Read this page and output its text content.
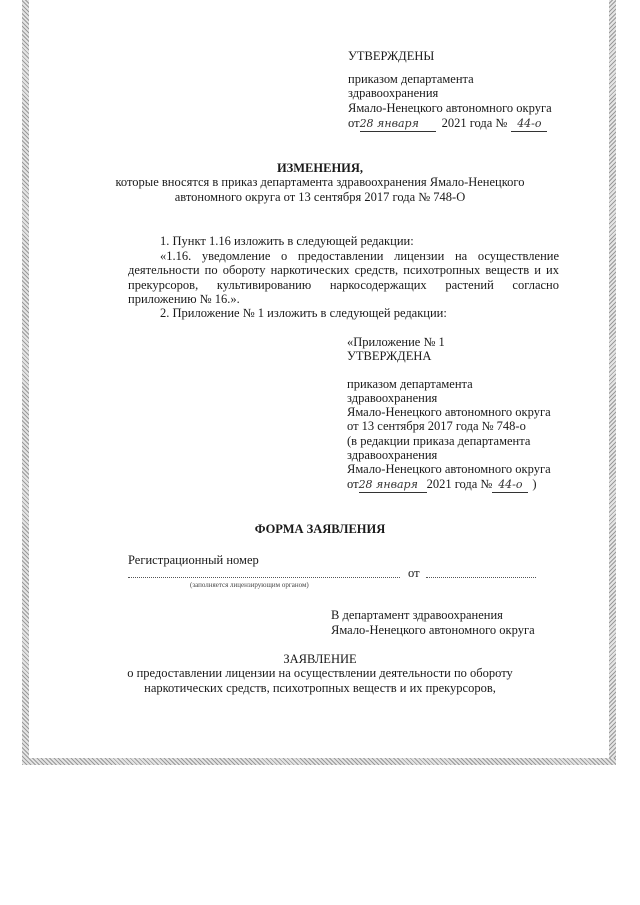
УТВЕРЖДЕНЫ
приказом департамента
здравоохранения
Ямало-Ненецкого автономного округа
от28 января 2021 года № 44-о
ИЗМЕНЕНИЯ,
которые вносятся в приказ департамента здравоохранения Ямало-Ненецкого
автономного округа от 13 сентября 2017 года № 748-О
1. Пункт 1.16 изложить в следующей редакции:
«1.16. уведомление о предоставлении лицензии на осуществление
деятельности по обороту наркотических средств, психотропных веществ и их
прекурсоров, культивированию наркосодержащих растений согласно
приложению № 16.».
2. Приложение № 1 изложить в следующей редакции:
«Приложение № 1
УТВЕРЖДЕНА
приказом департамента
здравоохранения
Ямало-Ненецкого автономного округа
от 13 сентября 2017 года № 748-о
(в редакции приказа департамента
здравоохранения
Ямало-Ненецкого автономного округа
от28 января 2021 года № 44-о )
ФОРМА ЗАЯВЛЕНИЯ
Регистрационный номер
от
(заполняется лицензирующим органом)
В департамент здравоохранения
Ямало-Ненецкого автономного округа
ЗАЯВЛЕНИЕ
о предоставлении лицензии на осуществлении деятельности по обороту
наркотических средств, психотропных веществ и их прекурсоров,
